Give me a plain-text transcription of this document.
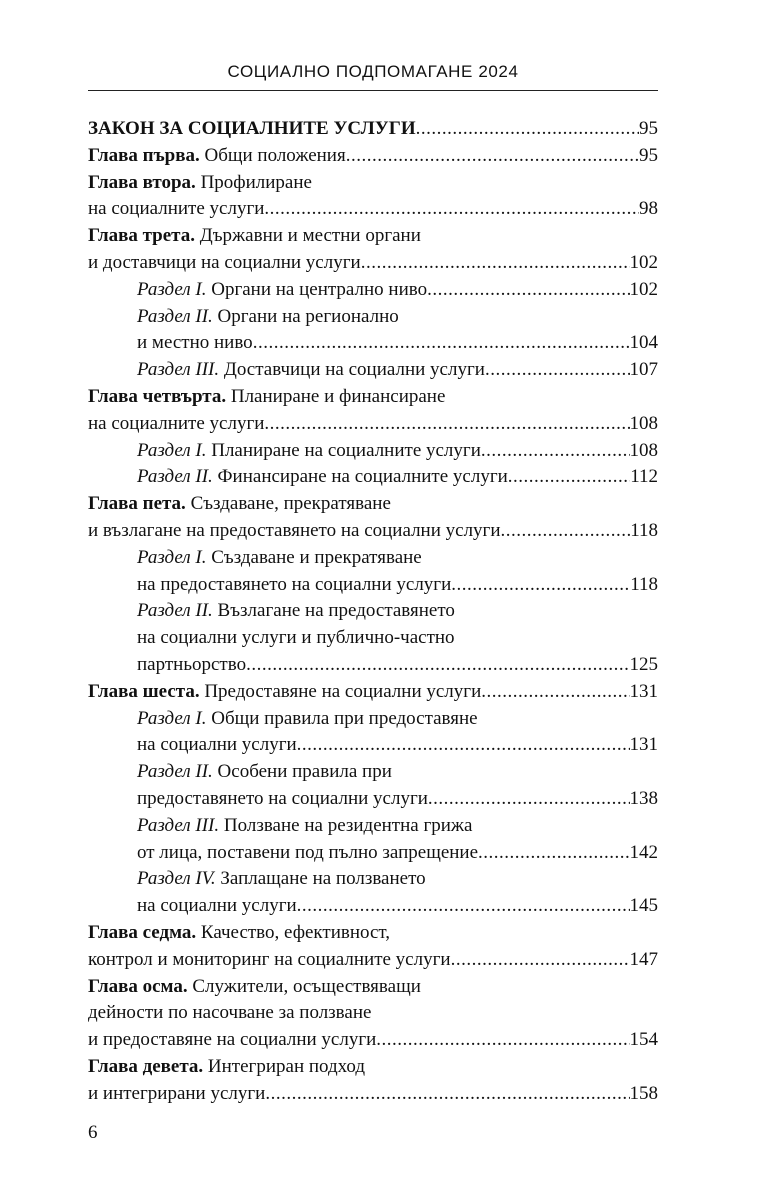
СОЦИАЛНО ПОДПОМАГАНЕ 2024
ЗАКОН ЗА СОЦИАЛНИТЕ УСЛУГИ .....	95
Глава първа. Общи положения .....	95
Глава втора. Профилиране
на социалните услуги .....	98
Глава трета. Държавни и местни органи
и доставчици на социални услуги .....	102
Раздел I. Органи на централно ниво .....	102
Раздел II. Органи на регионално
и местно ниво .....	104
Раздел III. Доставчици на социални услуги .....	107
Глава четвърта. Планиране и финансиране
на социалните услуги .....	108
Раздел I. Планиране на социалните услуги .....	108
Раздел II. Финансиране на социалните услуги .....	112
Глава пета. Създаване, прекратяване
и възлагане на предоставянето на социални услуги .....	118
Раздел I. Създаване и прекратяване
на предоставянето на социални услуги .....	118
Раздел II. Възлагане на предоставянето
на социални услуги и публично-частно
партньорство .....	125
Глава шеста. Предоставяне на социални услуги .....	131
Раздел I. Общи правила при предоставяне
на социални услуги .....	131
Раздел II. Особени правила при
предоставянето на социални услуги .....	138
Раздел III. Ползване на резидентна грижа
от лица, поставени под пълно запрещение .....	142
Раздел IV. Заплащане на ползването
на социални услуги .....	145
Глава седма. Качество, ефективност,
контрол и мониторинг на социалните услуги .....	147
Глава осма. Служители, осъществяващи
дейности по насочване за ползване
и предоставяне на социални услуги .....	154
Глава девета. Интегриран подход
и интегрирани услуги .....	158
6
